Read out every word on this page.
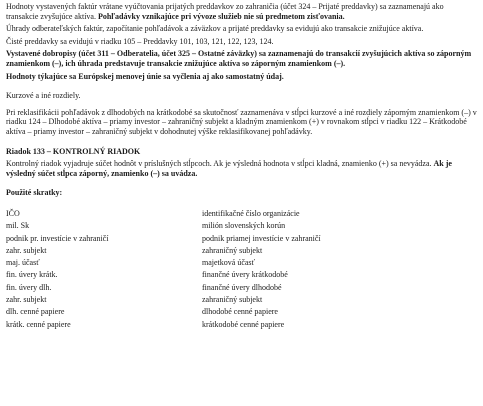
Hodnoty vystavených faktúr vrátane vyúčtovania prijatých preddavkov zo zahraničia (účet 324 – Prijaté preddavky) sa zaznamenajú ako transakcie zvyšujúce aktíva. Pohľadávky vznikajúce pri vývoze služieb nie sú predmetom zisťovania.

Úhrady odberateľských faktúr, započítanie pohľadávok a záväzkov a prijaté preddavky sa evidujú ako transakcie znižujúce aktíva.

Čisté preddavky sa evidujú v riadku 105 – Preddavky 101, 103, 121, 122, 123, 124.

Vystavené dobropisy (účet 311 – Odberatelia, účet 325 – Ostatné záväzky) sa zaznamenajú do transakcií zvyšujúcich aktíva so záporným znamienkom (–), ich úhrada predstavuje transakcie znižujúce aktíva so záporným znamienkom (–).

Hodnoty týkajúce sa Európskej menovej únie sa vyčlenia aj ako samostatný údaj.

Kurzové a iné rozdiely.

Pri reklasifikácii pohľadávok z dlhodobých na krátkodobé sa skutočnosť zaznamenáva v stĺpci kurzové a iné rozdiely záporným znamienkom (–) v riadku 124 – Dlhodobé aktíva – priamy investor – zahraničný subjekt a kladným znamienkom (+) v rovnakom stĺpci v riadku 122 – Krátkodobé aktíva – priamy investor – zahraničný subjekt v dohodnutej výške reklasifikovanej pohľadávky.

Riadok 133 – KONTROLNÝ RIADOK

Kontrolný riadok vyjadruje súčet hodnôt v príslušných stĺpcoch. Ak je výsledná hodnota v stĺpci kladná, znamienko (+) sa nevyádza. Ak je výsledný súčet stĺpca záporný, znamienko (–) sa uvádza.

Použité skratky:

IČO	identifikačné číslo organizácie
mil. Sk	milión slovenských korún
podnik pr. investície v zahraničí	podnik priamej investície v zahraničí
zahr. subjekt	zahraničný subjekt
maj. účasť	majetková účasť
fin. úvery krátk.	finančné úvery krátkodobé
fin. úvery dlh.	finančné úvery dlhodobé
zahr. subjekt	zahraničný subjekt
dlh. cenné papiere	dlhodobé cenné papiere
krátk. cenné papiere	krátkodobé cenné papiere
